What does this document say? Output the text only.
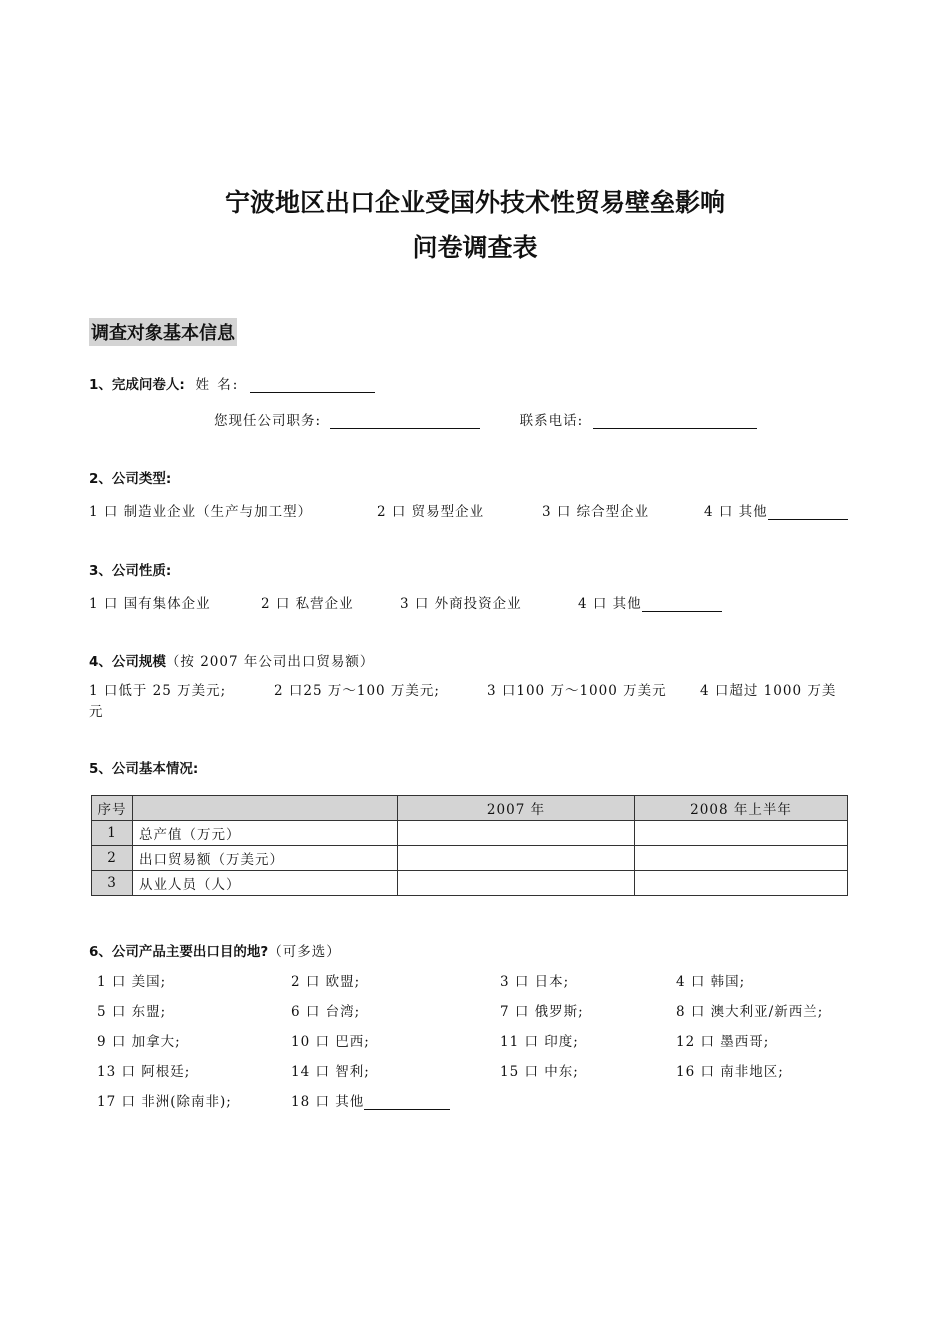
宁波地区出口企业受国外技术性贸易壁垒影响
问卷调查表
调查对象基本信息
1、完成问卷人: 姓 名:
您现任公司职务:	联系电话:
2、公司类型:
1 口 制造业企业（生产与加工型）	2 口 贸易型企业	3 口 综合型企业	4 口 其他
3、公司性质:
1 口 国有集体企业	2 口 私营企业	3 口 外商投资企业	4 口 其他
4、公司规模（按 2007 年公司出口贸易额）
1 口低于 25 万美元;	2 口25 万～100 万美元;	3 口100 万～1000 万美元 4 口超过 1000 万美
元
5、公司基本情况:
序号		2007 年	2008 年上半年
1	总产值（万元）		
2	出口贸易额（万美元）		
3	从业人员（人）		
6、公司产品主要出口目的地?（可多选）
1 口 美国;	2 口 欧盟;	3 口 日本;	4 口 韩国;
5 口 东盟;	6 口 台湾;	7 口 俄罗斯;	8 口 澳大利亚/新西兰;
9 口 加拿大;	10 口 巴西;	11 口 印度;	12 口 墨西哥;
13 口 阿根廷;	14 口 智利;	15 口 中东;	16 口 南非地区;
17 口 非洲(除南非);	18 口 其他
